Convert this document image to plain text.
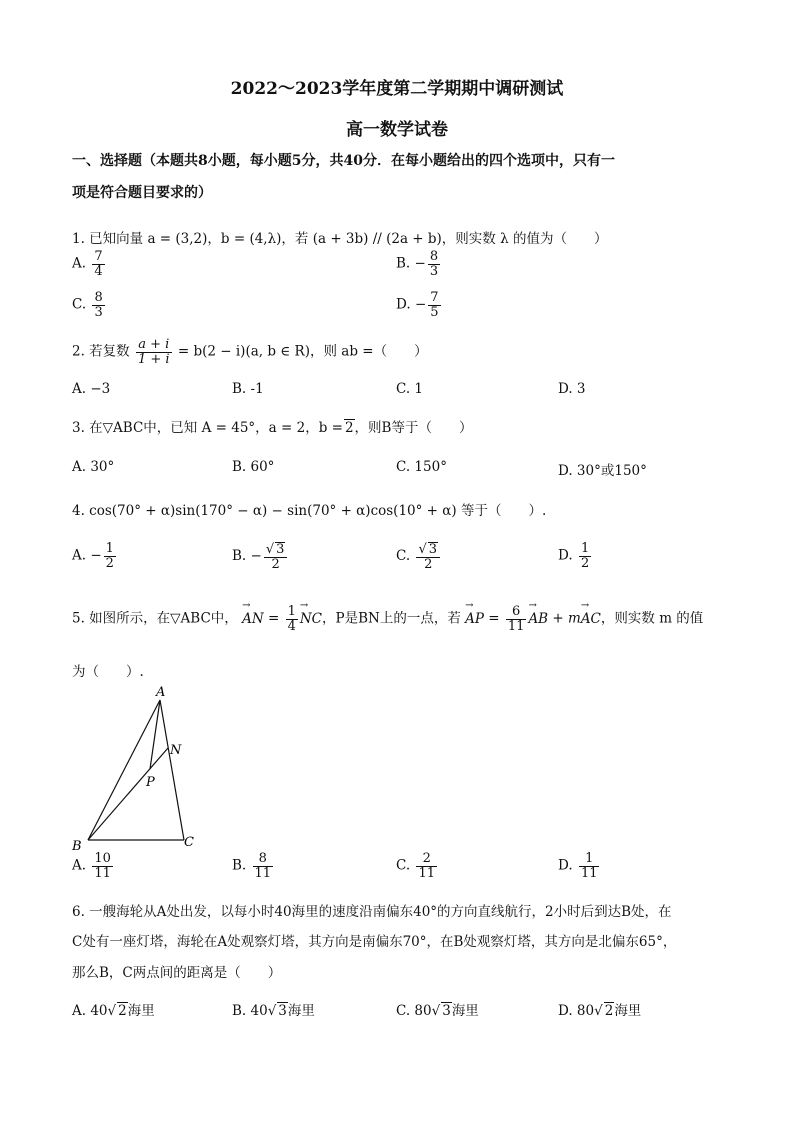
2022～2023学年度第二学期期中调研测试
高一数学试卷
一、选择题（本题共8小题，每小题5分，共40分．在每小题给出的四个选项中，只有一
项是符合题目要求的）
1. 已知向量 a = (3,2)，b = (4,λ)，若 (a + 3b) // (2a + b)，则实数 λ 的值为（　　）
A. $\frac{7}{4}$	B. − $\frac{8}{3}$
C. $\frac{8}{3}$	D. − $\frac{7}{5}$
2. 若复数 $\frac{a + i}{1 + i} = b(2 - i)(a$, b ∈ R)，则 ab =（　　）
A. −3	B. -1	C. 1	D. 3
3. 在▽ABC中，已知 A = 45°，a = 2，b = 2，则B等于（　　）
A. 30°	B. 60°	C. 150°	D. 30°或150°
4. cos(70° + α)sin(170° − α) − sin(70° + α)cos(10° + α) 等于（　　）.
A. − $\frac{1}{2}$	B. − $\frac{√ 3}{2}$	C. $\frac{√ 3}{2}$	D. $\frac{1}{2}$
5. 如图所示，在▽ABC中， → AN = $\frac{1}{4}$ → NC，P是BN上的一点，若 → AP = $\frac{6}{11}$ → AB + m→ AC，则实数 m 的值
为（　　）.
A
N
P
B	C
A. $\frac{10}{11}$	B. $\frac{8}{11}$	C. $\frac{2}{11}$	D. $\frac{1}{11}$
6. 一艘海轮从A处出发，以每小时40海里的速度沿南偏东40°的方向直线航行，2小时后到达B处，在
C处有一座灯塔，海轮在A处观察灯塔，其方向是南偏东70°，在B处观察灯塔，其方向是北偏东65°，
那么B，C两点间的距离是（　　）
A. 40√ 2海里	B. 40√ 3海里	C. 80√ 3海里	D. 80√ 2海里
